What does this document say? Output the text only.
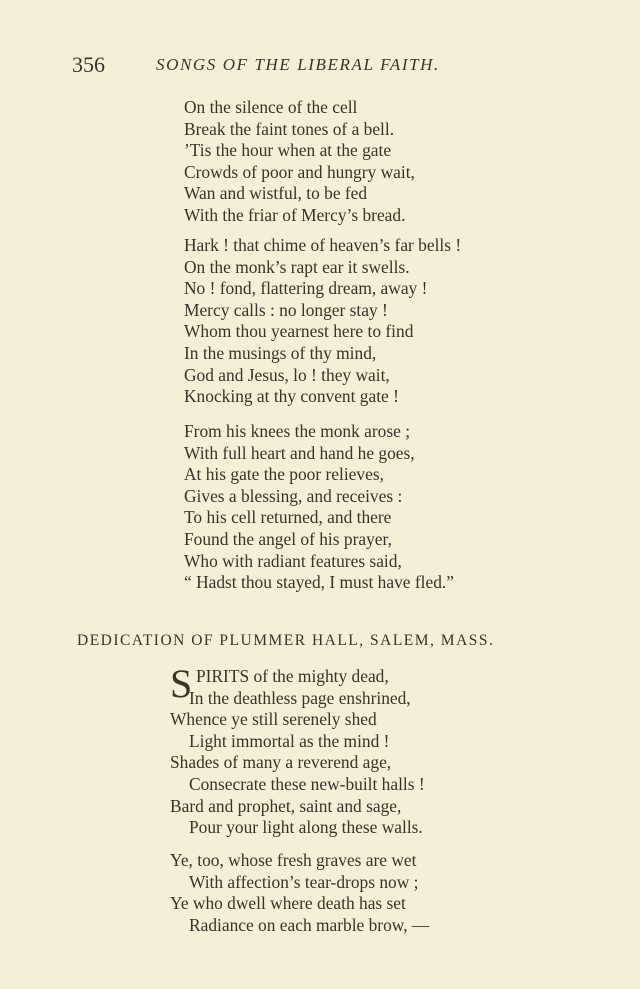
356	SONGS OF THE LIBERAL FAITH.
On the silence of the cell
Break the faint tones of a bell.
’Tis the hour when at the gate
Crowds of poor and hungry wait,
Wan and wistful, to be fed
With the friar of Mercy’s bread.
Hark ! that chime of heaven’s far bells !
On the monk’s rapt ear it swells.
No ! fond, flattering dream, away !
Mercy calls : no longer stay !
Whom thou yearnest here to find
In the musings of thy mind,
God and Jesus, lo ! they wait,
Knocking at thy convent gate !
From his knees the monk arose ;
With full heart and hand he goes,
At his gate the poor relieves,
Gives a blessing, and receives :
To his cell returned, and there
Found the angel of his prayer,
Who with radiant features said,
“ Hadst thou stayed, I must have fled.”
DEDICATION OF PLUMMER HALL, SALEM, MASS.
S PIRITS of the mighty dead,
In the deathless page enshrined,
Whence ye still serenely shed
Light immortal as the mind !
Shades of many a reverend age,
Consecrate these new-built halls !
Bard and prophet, saint and sage,
Pour your light along these walls.
Ye, too, whose fresh graves are wet
With affection’s tear-drops now ;
Ye who dwell where death has set
Radiance on each marble brow, —
